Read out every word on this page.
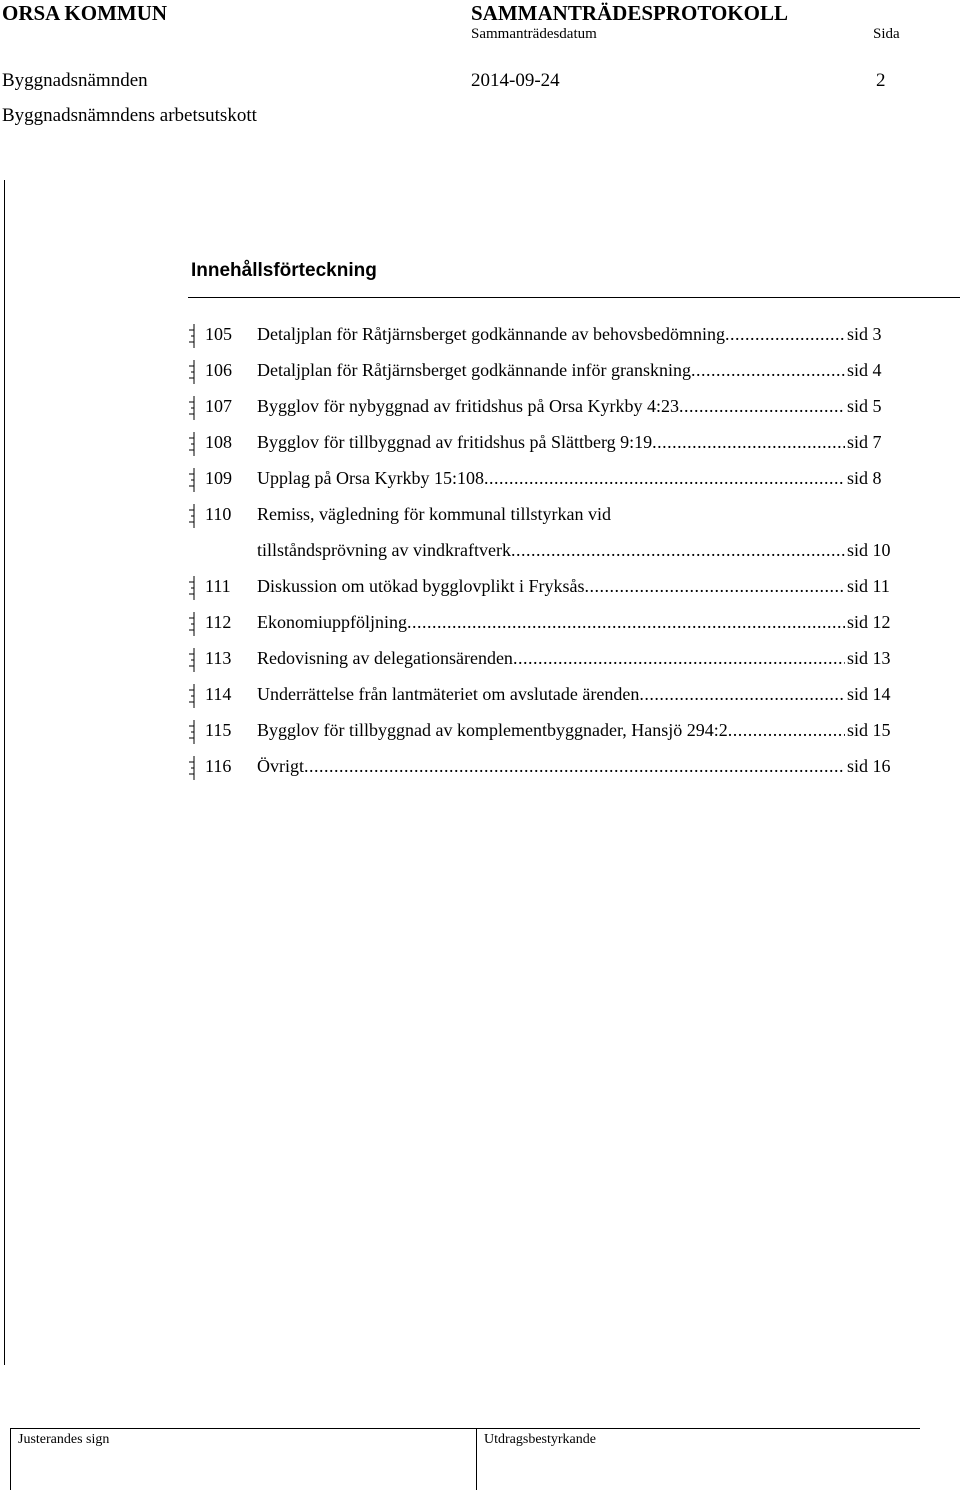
ORSA KOMMUN	SAMMANTRÄDESPROTOKOLL
Sammanträdesdatum	Sida
Byggnadsnämnden	2014-09-24	2
Byggnadsnämndens arbetsutskott
Innehållsförteckning
105 Detaljplan för Råtjärnsberget godkännande av behovsbedömning .....	sid 3
106 Detaljplan för Råtjärnsberget godkännande inför granskning .....	sid 4
107 Bygglov för nybyggnad av fritidshus på Orsa Kyrkby 4:23 .....	sid 5
108 Bygglov för tillbyggnad av fritidshus på Slättberg 9:19 .....	sid 7
109 Upplag på Orsa Kyrkby 15:108 .....	sid 8
110 Remiss, vägledning för kommunal tillstyrkan vid
tillståndsprövning av vindkraftverk .....	sid 10
111 Diskussion om utökad bygglovplikt i Fryksås .....	sid 11
112 Ekonomiuppföljning .....	sid 12
113 Redovisning av delegationsärenden .....	sid 13
114 Underrättelse från lantmäteriet om avslutade ärenden .....	sid 14
115 Bygglov för tillbyggnad av komplementbyggnader, Hansjö 294:2 .....	sid 15
116 Övrigt .....	sid 16
Justerandes sign	Utdragsbestyrkande
